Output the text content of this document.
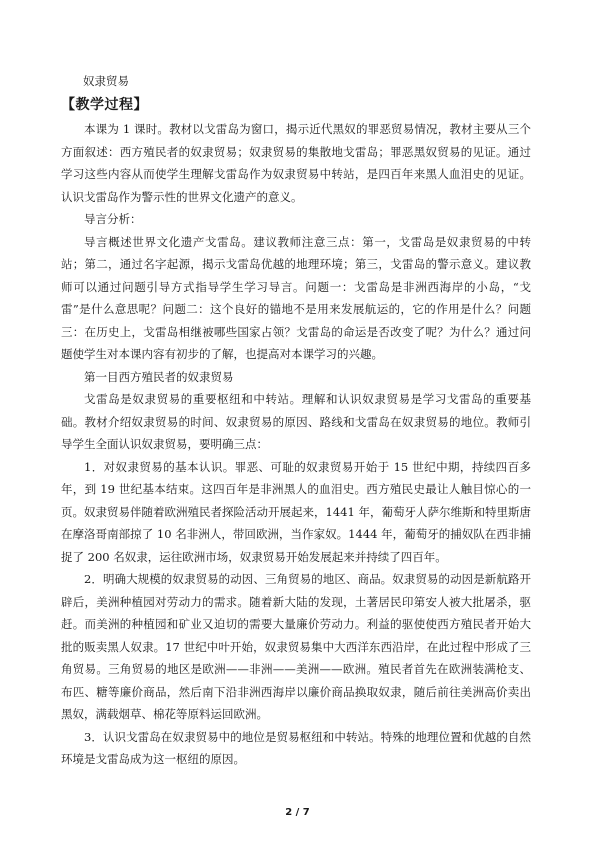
奴隶贸易

【教学过程】

本课为 1 课时。教材以戈雷岛为窗口，揭示近代黑奴的罪恶贸易情况，教材主要从三个方面叙述：西方殖民者的奴隶贸易；奴隶贸易的集散地戈雷岛；罪恶黑奴贸易的见证。通过学习这些内容从而使学生理解戈雷岛作为奴隶贸易中转站，是四百年来黑人血泪史的见证。认识戈雷岛作为警示性的世界文化遗产的意义。

导言分析：

导言概述世界文化遗产戈雷岛。建议教师注意三点：第一，戈雷岛是奴隶贸易的中转站；第二，通过名字起源，揭示戈雷岛优越的地理环境；第三，戈雷岛的警示意义。建议教师可以通过问题引导方式指导学生学习导言。问题一：戈雷岛是非洲西海岸的小岛，“戈雷”是什么意思呢？问题二：这个良好的锚地不是用来发展航运的，它的作用是什么？问题三：在历史上，戈雷岛相继被哪些国家占领？戈雷岛的命运是否改变了呢？为什么？通过问题使学生对本课内容有初步的了解，也提高对本课学习的兴趣。

第一目西方殖民者的奴隶贸易

戈雷岛是奴隶贸易的重要枢纽和中转站。理解和认识奴隶贸易是学习戈雷岛的重要基础。教材介绍奴隶贸易的时间、奴隶贸易的原因、路线和戈雷岛在奴隶贸易的地位。教师引导学生全面认识奴隶贸易，要明确三点：

1．对奴隶贸易的基本认识。罪恶、可耻的奴隶贸易开始于 15 世纪中期，持续四百多年，到 19 世纪基本结束。这四百年是非洲黑人的血泪史。西方殖民史最让人触目惊心的一页。奴隶贸易伴随着欧洲殖民者探险活动开展起来，1441 年，葡萄牙人萨尔维斯和特里斯唐在摩洛哥南部掠了 10 名非洲人，带回欧洲，当作家奴。1444 年，葡萄牙的捕奴队在西非捕捉了 200 名奴隶，运往欧洲市场，奴隶贸易开始发展起来并持续了四百年。

2．明确大规模的奴隶贸易的动因、三角贸易的地区、商品。奴隶贸易的动因是新航路开辟后，美洲种植园对劳动力的需求。随着新大陆的发现，土著居民印第安人被大批屠杀，驱赶。而美洲的种植园和矿业又迫切的需要大量廉价劳动力。利益的驱使使西方殖民者开始大批的贩卖黑人奴隶。17 世纪中叶开始，奴隶贸易集中大西洋东西沿岸，在此过程中形成了三角贸易。三角贸易的地区是欧洲——非洲——美洲——欧洲。殖民者首先在欧洲装满枪支、布匹、糖等廉价商品，然后南下沿非洲西海岸以廉价商品换取奴隶，随后前往美洲高价卖出黑奴，满载烟草、棉花等原料运回欧洲。

3．认识戈雷岛在奴隶贸易中的地位是贸易枢纽和中转站。特殊的地理位置和优越的自然环境是戈雷岛成为这一枢纽的原因。

2 / 7
